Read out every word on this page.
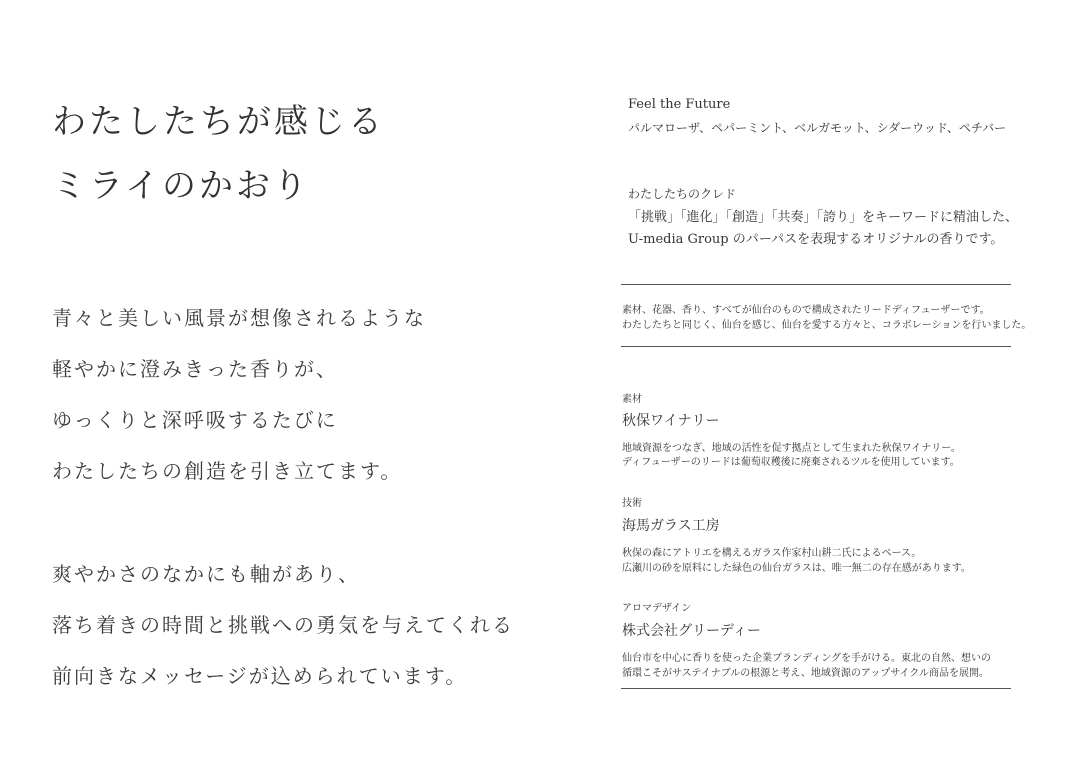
わたしたちが感じる
ミライのかおり
青々と美しい風景が想像されるような
軽やかに澄みきった香りが、
ゆっくりと深呼吸するたびに
わたしたちの創造を引き立てます。
爽やかさのなかにも軸があり、
落ち着きの時間と挑戦への勇気を与えてくれる
前向きなメッセージが込められています。
Feel the Future
パルマローザ、ペパーミント、ベルガモット、シダーウッド、ペチバー
わたしたちのクレド
「挑戦」「進化」「創造」「共奏」「誇り」をキーワードに精油した、
U-media Group のパーパスを表現するオリジナルの香りです。
素材、花器、香り、すべてが仙台のもので構成されたリードディフューザーです。
わたしたちと同じく、仙台を感じ、仙台を愛する方々と、コラボレーションを行いました。
素材
秋保ワイナリー
地域資源をつなぎ、地域の活性を促す拠点として生まれた秋保ワイナリー。
ディフューザーのリードは葡萄収穫後に廃棄されるツルを使用しています。
技術
海馬ガラス工房
秋保の森にアトリエを構えるガラス作家村山耕二氏によるベース。
広瀬川の砂を原料にした緑色の仙台ガラスは、唯一無二の存在感があります。
アロマデザイン
株式会社グリーディー
仙台市を中心に香りを使った企業ブランディングを手がける。東北の自然、想いの
循環こそがサステイナブルの根源と考え、地域資源のアップサイクル商品を展開。
